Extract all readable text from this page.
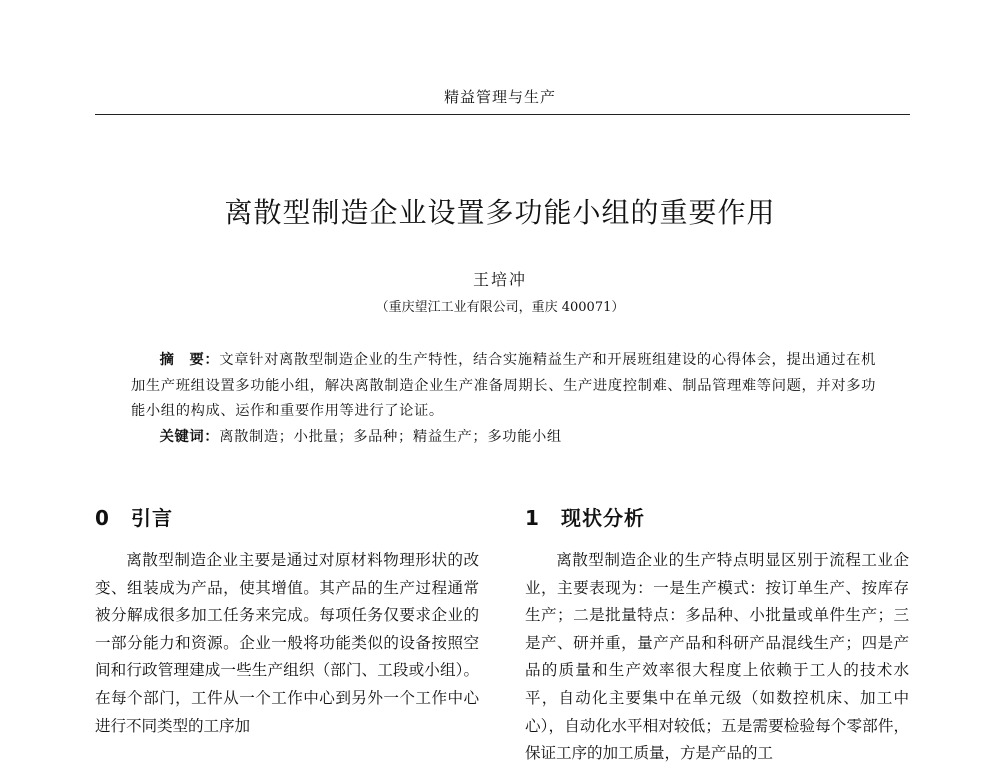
精益管理与生产
离散型制造企业设置多功能小组的重要作用
王培冲
（重庆望江工业有限公司，重庆 400071）

摘　要：文章针对离散型制造企业的生产特性，结合实施精益生产和开展班组建设的心得体会，提出通过在机加生产班组设置多功能小组，解决离散制造企业生产准备周期长、生产进度控制难、制品管理难等问题，并对多功能小组的构成、运作和重要作用等进行了论证。

关键词：离散制造；小批量；多品种；精益生产；多功能小组

0 引言

离散型制造企业主要是通过对原材料物理形状的改变、组装成为产品，使其增值。其产品的生产过程通常被分解成很多加工任务来完成。每项任务仅要求企业的一部分能力和资源。企业一般将功能类似的设备按照空间和行政管理建成一些生产组织（部门、工段或小组）。在每个部门，工件从一个工作中心到另外一个工作中心进行不同类型的工序加

1 现状分析

离散型制造企业的生产特点明显区别于流程工业企业，主要表现为：一是生产模式：按订单生产、按库存生产；二是批量特点：多品种、小批量或单件生产；三是产、研并重，量产产品和科研产品混线生产；四是产品的质量和生产效率很大程度上依赖于工人的技术水平，自动化主要集中在单元级（如数控机床、加工中心），自动化水平相对较低；五是需要检验每个零部件，保证工序的加工质量，方是产品的工
